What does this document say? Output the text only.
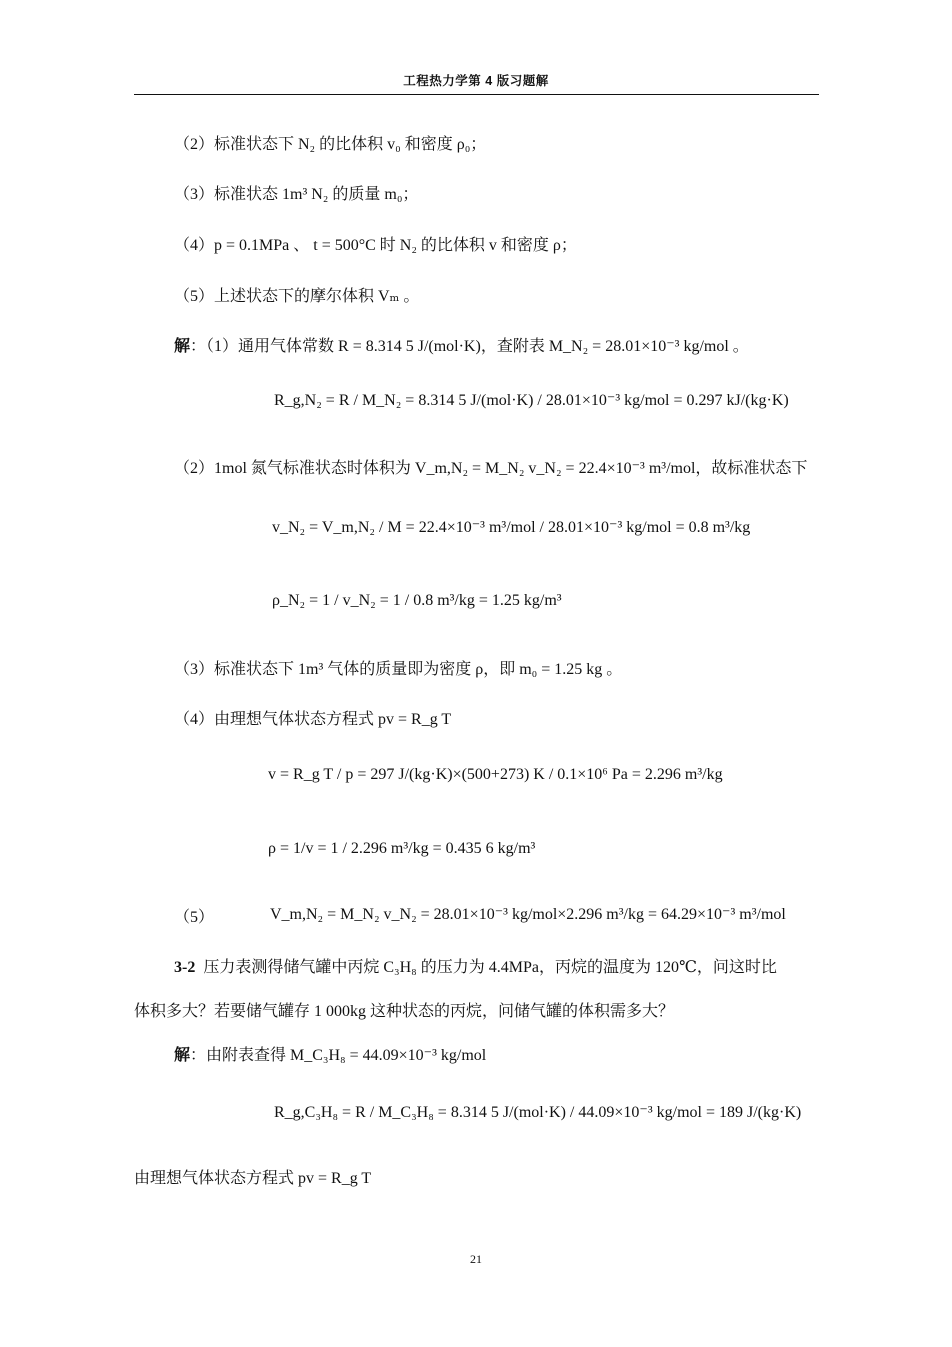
工程热力学第 4 版习题解
（2）标准状态下 N₂ 的比体积 v₀ 和密度 ρ₀；
（3）标准状态 1m³ N₂ 的质量 m₀；
（4）p = 0.1MPa 、 t = 500°C 时 N₂ 的比体积 v 和密度 ρ；
（5）上述状态下的摩尔体积 Vₘ 。
解：（1）通用气体常数 R = 8.314 5 J/(mol·K)，查附表 M_N₂ = 28.01×10⁻³ kg/mol 。
R_g,N₂ = R / M_N₂ = 8.314 5 J/(mol·K) / 28.01×10⁻³ kg/mol = 0.297 kJ/(kg·K)
（2）1mol 氮气标准状态时体积为 V_m,N₂ = M_N₂ v_N₂ = 22.4×10⁻³ m³/mol，故标准状态下
v_N₂ = V_m,N₂ / M = 22.4×10⁻³ m³/mol / 28.01×10⁻³ kg/mol = 0.8 m³/kg
ρ_N₂ = 1 / v_N₂ = 1 / 0.8 m³/kg = 1.25 kg/m³
（3）标准状态下 1m³ 气体的质量即为密度 ρ，即 m₀ = 1.25 kg 。
（4）由理想气体状态方程式 pv = R_g T
v = R_g T / p = 297 J/(kg·K)×(500+273) K / 0.1×10⁶ Pa = 2.296 m³/kg
ρ = 1/v = 1 / 2.296 m³/kg = 0.435 6 kg/m³
（5）	V_m,N₂ = M_N₂ v_N₂ = 28.01×10⁻³ kg/mol×2.296 m³/kg = 64.29×10⁻³ m³/mol
3-2 压力表测得储气罐中丙烷 C₃H₈ 的压力为 4.4MPa，丙烷的温度为 120℃，问这时比
体积多大？若要储气罐存 1 000kg 这种状态的丙烷，问储气罐的体积需多大？
解：由附表查得 M_C₃H₈ = 44.09×10⁻³ kg/mol
R_g,C₃H₈ = R / M_C₃H₈ = 8.314 5 J/(mol·K) / 44.09×10⁻³ kg/mol = 189 J/(kg·K)
由理想气体状态方程式 pv = R_g T
21
